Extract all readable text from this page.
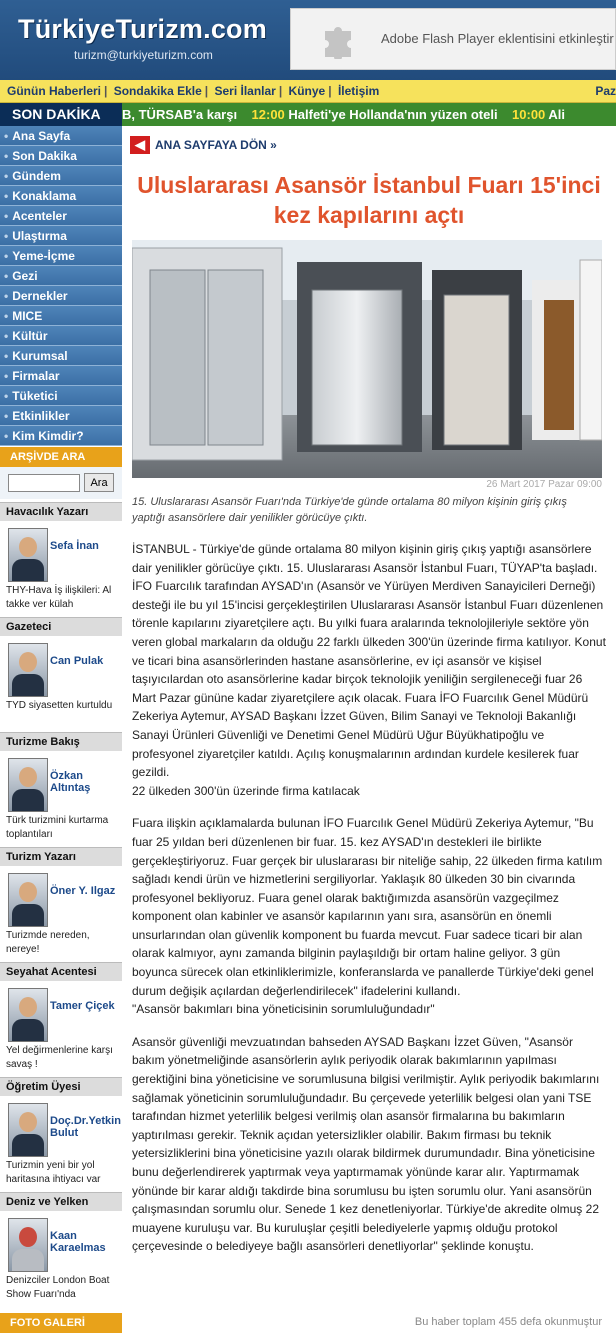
TürkiyeTurizm.com
turizm@turkiyeturizm.com
Adobe Flash Player eklentisini etkinleştir
Günün Haberleri | Sondakika Ekle | Seri İlanlar | Künye | İletişim	Paz
SON DAKİKA	B, TÜRSAB'a karşı 12:00 Halfeti'ye Hollanda'nın yüzen oteli 10:00 Ali
• Ana Sayfa
• Son Dakika
• Gündem
• Konaklama
• Acenteler
• Ulaştırma
• Yeme-İçme
• Gezi
• Dernekler
• MICE
• Kültür
• Kurumsal
• Firmalar
• Tüketici
• Etkinlikler
• Kim Kimdir?
ARŞİVDE ARA
Ara
Havacılık Yazarı
Sefa İnan
THY-Hava İş ilişkileri: Al takke ver külah
Gazeteci
Can Pulak
TYD siyasetten kurtuldu
Turizme Bakış
Özkan Altıntaş
Türk turizmini kurtarma toplantıları
Turizm Yazarı
Öner Y. Ilgaz
Turizmde nereden, nereye!
Seyahat Acentesi
Tamer Çiçek
Yel değirmenlerine karşı savaş !
Öğretim Üyesi
Doç.Dr.Yetkin Bulut
Turizmin yeni bir yol haritasına ihtiyacı var
Deniz ve Yelken
Kaan Karaelmas
Denizciler London Boat Show Fuarı'nda
FOTO GALERİ
◀ ANA SAYFAYA DÖN »
Uluslararası Asansör İstanbul Fuarı 15'inci kez kapılarını açtı
26 Mart 2017 Pazar 09:00
15. Uluslararası Asansör Fuarı'nda Türkiye'de günde ortalama 80 milyon kişinin giriş çıkış yaptığı asansörlere dair yenilikler görücüye çıktı.

İSTANBUL - Türkiye'de günde ortalama 80 milyon kişinin giriş çıkış yaptığı asansörlere dair yenilikler görücüye çıktı. 15. Uluslararası Asansör İstanbul Fuarı, TÜYAP'ta başladı. İFO Fuarcılık tarafından AYSAD'ın (Asansör ve Yürüyen Merdiven Sanayicileri Derneği) desteği ile bu yıl 15'incisi gerçekleştirilen Uluslararası Asansör İstanbul Fuarı düzenlenen törenle kapılarını ziyaretçilere açtı. Bu yılki fuara aralarında teknolojileriyle sektöre yön veren global markaların da olduğu 22 farklı ülkeden 300'ün üzerinde firma katılıyor. Konut ve ticari bina asansörlerinden hastane asansörlerine, ev içi asansör ve kişisel taşıyıcılardan oto asansörlerine kadar birçok teknolojik yeniliğin sergileneceği fuar 26 Mart Pazar gününe kadar ziyaretçilere açık olacak. Fuara İFO Fuarcılık Genel Müdürü Zekeriya Aytemur, AYSAD Başkanı İzzet Güven, Bilim Sanayi ve Teknoloji Bakanlığı Sanayi Ürünleri Güvenliği ve Denetimi Genel Müdürü Uğur Büyükhatipoğlu ve profesyonel ziyaretçiler katıldı. Açılış konuşmalarının ardından kurdele kesilerek fuar gezildi.
22 ülkeden 300'ün üzerinde firma katılacak

Fuara ilişkin açıklamalarda bulunan İFO Fuarcılık Genel Müdürü Zekeriya Aytemur, "Bu fuar 25 yıldan beri düzenlenen bir fuar. 15. kez AYSAD'ın destekleri ile birlikte gerçekleştiriyoruz. Fuar gerçek bir uluslararası bir niteliğe sahip, 22 ülkeden firma katılım sağladı kendi ürün ve hizmetlerini sergiliyorlar. Yaklaşık 80 ülkeden 30 bin civarında profesyonel bekliyoruz. Fuara genel olarak baktığımızda asansörün vazgeçilmez komponent olan kabinler ve asansör kapılarının yanı sıra, asansörün en önemli unsurlarından olan güvenlik komponent bu fuarda mevcut. Fuar sadece ticari bir alan olarak kalmıyor, aynı zamanda bilginin paylaşıldığı bir ortam haline geliyor. 3 gün boyunca sürecek olan etkinliklerimizle, konferanslarda ve panallerde Türkiye'deki genel durum değişik açılardan değerlendirilecek" ifadelerini kullandı.
"Asansör bakımları bina yöneticisinin sorumluluğundadır"

Asansör güvenliği mevzuatından bahseden AYSAD Başkanı İzzet Güven, "Asansör bakım yönetmeliğinde asansörlerin aylık periyodik olarak bakımlarının yapılması gerektiğini bina yöneticisine ve sorumlusuna bilgisi verilmiştir. Aylık periyodik bakımlarını sağlamak yöneticinin sorumluluğundadır. Bu çerçevede yeterlilik belgesi olan yani TSE tarafından hizmet yeterlilik belgesi verilmiş olan asansör firmalarına bu bakımların yaptırılması gerekir. Teknik açıdan yetersizlikler olabilir. Bakım firması bu teknik yetersizliklerini bina yöneticisine yazılı olarak bildirmek durumundadır. Bina yöneticisine bunu değerlendirerek yaptırmak veya yaptırmamak yönünde karar alır. Yaptırmamak yönünde bir karar aldığı takdirde bina sorumlusu bu işten sorumlu olur. Yani asansörün çalışmasından sorumlu olur. Senede 1 kez denetleniyorlar. Türkiye'de akredite olmuş 22 muayene kuruluşu var. Bu kuruluşlar çeşitli belediyelerle yapmış olduğu protokol çerçevesinde o belediyeye bağlı asansörleri denetliyorlar" şeklinde konuştu.

Bu haber toplam 455 defa okunmuştur
